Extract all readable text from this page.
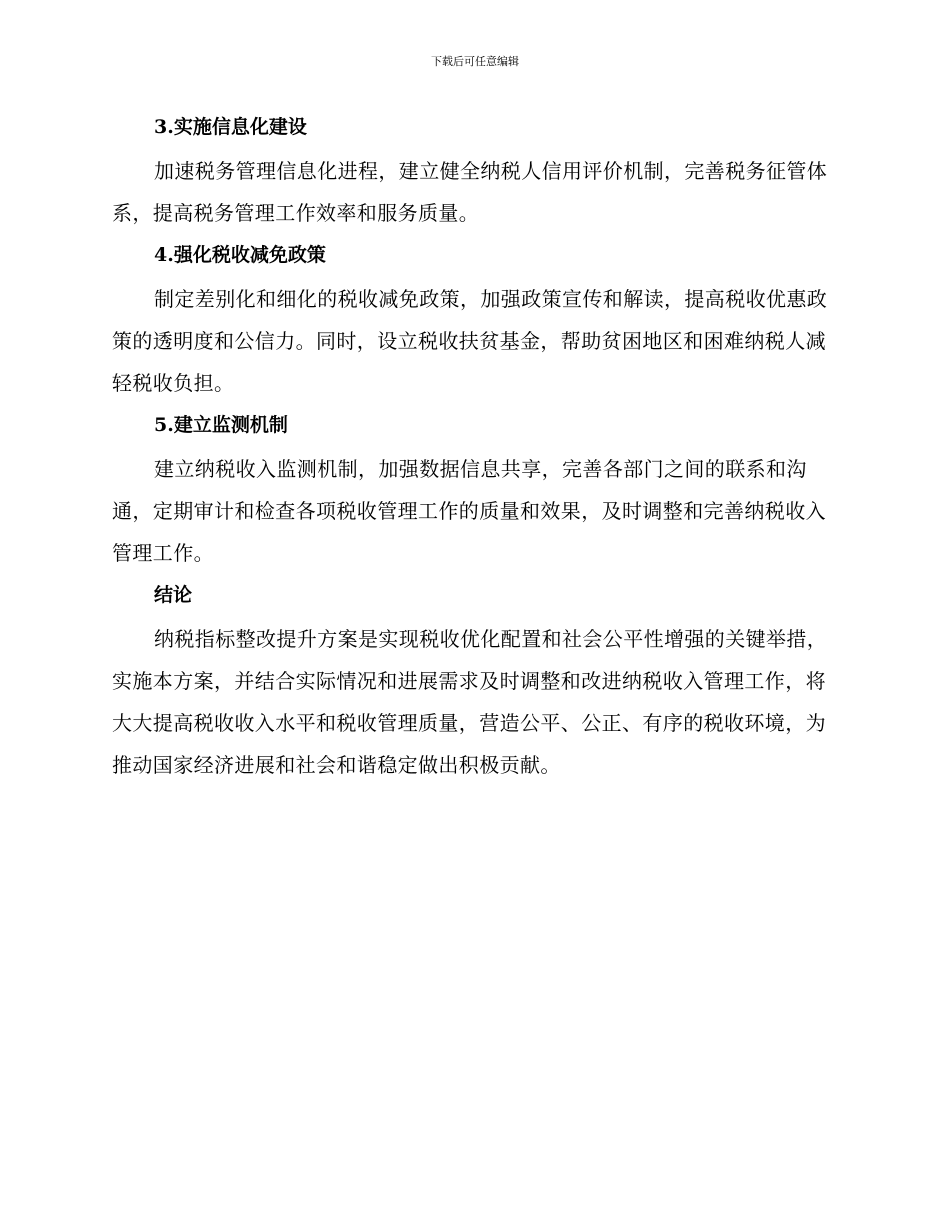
下载后可任意编辑
3.实施信息化建设

加速税务管理信息化进程，建立健全纳税人信用评价机制，完善税务征管体系，提高税务管理工作效率和服务质量。

4.强化税收减免政策

制定差别化和细化的税收减免政策，加强政策宣传和解读，提高税收优惠政策的透明度和公信力。同时，设立税收扶贫基金，帮助贫困地区和困难纳税人减轻税收负担。

5.建立监测机制

建立纳税收入监测机制，加强数据信息共享，完善各部门之间的联系和沟通，定期审计和检查各项税收管理工作的质量和效果，及时调整和完善纳税收入管理工作。

结论

纳税指标整改提升方案是实现税收优化配置和社会公平性增强的关键举措，实施本方案，并结合实际情况和进展需求及时调整和改进纳税收入管理工作，将大大提高税收收入水平和税收管理质量，营造公平、公正、有序的税收环境，为推动国家经济进展和社会和谐稳定做出积极贡献。
